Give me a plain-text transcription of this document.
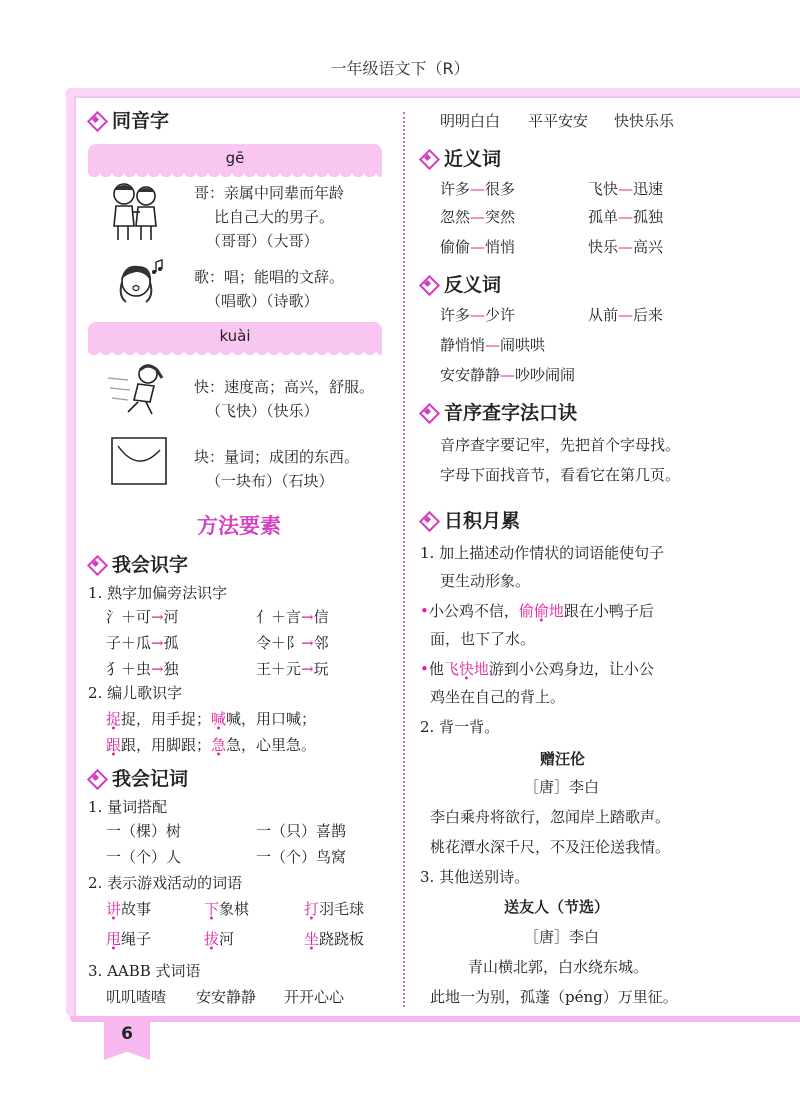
一年级语文下（R）
同音字
gē
哥：亲属中同辈而年龄
比自己大的男子。
（哥哥）（大哥）
歌：唱；能唱的文辞。
（唱歌）（诗歌）
kuài
快：速度高；高兴，舒服。
（飞快）（快乐）
块：量词；成团的东西。
（一块布）（石块）
方法要素
我会识字
1. 熟字加偏旁法识字
氵＋可→河	亻＋言→信
子＋瓜→孤	令＋阝→邻
犭＋虫→独	王＋元→玩
2. 编儿歌识字
捉捉，用手捉；喊喊，用口喊；
跟跟，用脚跟；急急，心里急。
我会记词
1. 量词搭配
一（棵）树	一（只）喜鹊
一（个）人	一（个）鸟窝
2. 表示游戏活动的词语
讲故事	下象棋	打羽毛球
甩绳子	拔河	坐跷跷板
3. AABB 式词语
叽叽喳喳 安安静静 开开心心
明明白白 平平安安 快快乐乐
近义词
许多—很多	飞快—迅速
忽然—突然	孤单—孤独
偷偷—悄悄	快乐—高兴
反义词
许多—少许	从前—后来
静悄悄—闹哄哄
安安静静—吵吵闹闹
音序查字法口诀
音序查字要记牢，先把首个字母找。
字母下面找音节，看看它在第几页。
日积月累
1. 加上描述动作情状的词语能使句子
更生动形象。
•小公鸡不信，偷偷地跟在小鸭子后
面，也下了水。
•他飞快地游到小公鸡身边，让小公
鸡坐在自己的背上。
2. 背一背。
赠汪伦
［唐］李白
李白乘舟将欲行，忽闻岸上踏歌声。
桃花潭水深千尺，不及汪伦送我情。
3. 其他送别诗。
送友人（节选）
［唐］李白
青山横北郭，白水绕东城。
此地一为别，孤蓬（péng）万里征。
6
